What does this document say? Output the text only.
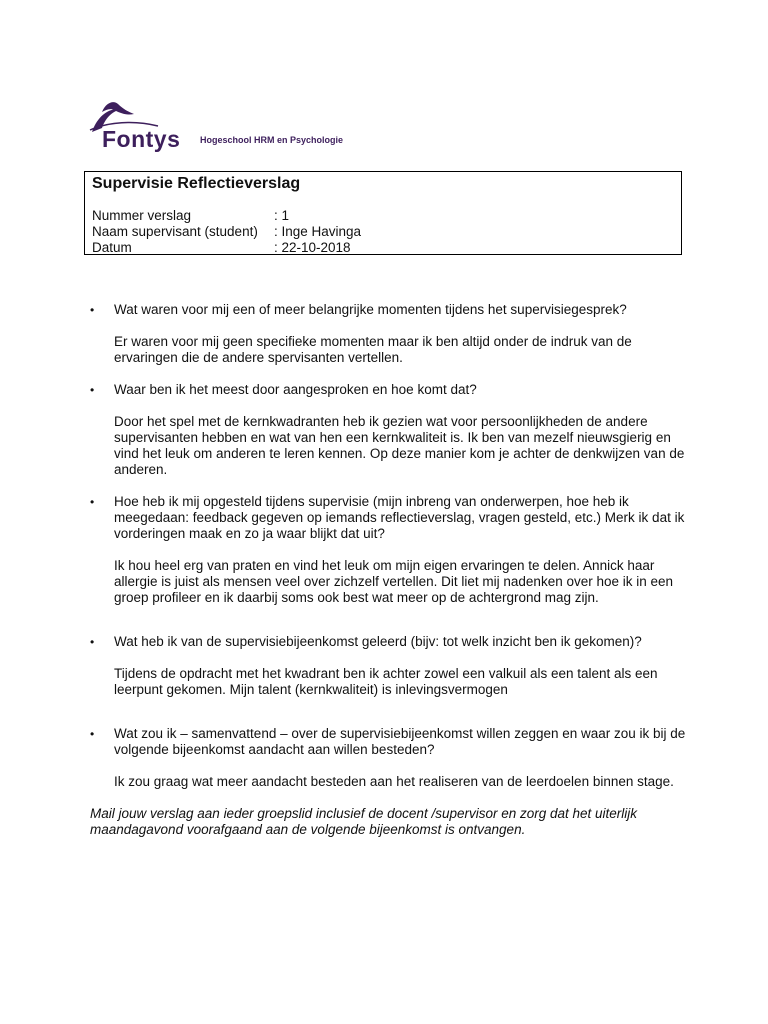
Fontys Hogeschool HRM en Psychologie
Supervisie Reflectieverslag
Nummer verslag	: 1
Naam supervisant (student) : Inge Havinga
Datum	: 22-10-2018

• Wat waren voor mij een of meer belangrijke momenten tijdens het supervisiegesprek?

Er waren voor mij geen specifieke momenten maar ik ben altijd onder de indruk van de ervaringen die de andere spervisanten vertellen.

• Waar ben ik het meest door aangesproken en hoe komt dat?

Door het spel met de kernkwadranten heb ik gezien wat voor persoonlijkheden de andere supervisanten hebben en wat van hen een kernkwaliteit is. Ik ben van mezelf nieuwsgierig en vind het leuk om anderen te leren kennen. Op deze manier kom je achter de denkwijzen van de anderen.

• Hoe heb ik mij opgesteld tijdens supervisie (mijn inbreng van onderwerpen, hoe heb ik meegedaan: feedback gegeven op iemands reflectieverslag, vragen gesteld, etc.) Merk ik dat ik vorderingen maak en zo ja waar blijkt dat uit?

Ik hou heel erg van praten en vind het leuk om mijn eigen ervaringen te delen. Annick haar allergie is juist als mensen veel over zichzelf vertellen. Dit liet mij nadenken over hoe ik in een groep profileer en ik daarbij soms ook best wat meer op de achtergrond mag zijn.

• Wat heb ik van de supervisiebijeenkomst geleerd (bijv: tot welk inzicht ben ik gekomen)?

Tijdens de opdracht met het kwadrant ben ik achter zowel een valkuil als een talent als een leerpunt gekomen. Mijn talent (kernkwaliteit) is inlevingsvermogen

• Wat zou ik – samenvattend – over de supervisiebijeenkomst willen zeggen en waar zou ik bij de volgende bijeenkomst aandacht aan willen besteden?

Ik zou graag wat meer aandacht besteden aan het realiseren van de leerdoelen binnen stage.

Mail jouw verslag aan ieder groepslid inclusief de docent /supervisor en zorg dat het uiterlijk maandagavond voorafgaand aan de volgende bijeenkomst is ontvangen.
